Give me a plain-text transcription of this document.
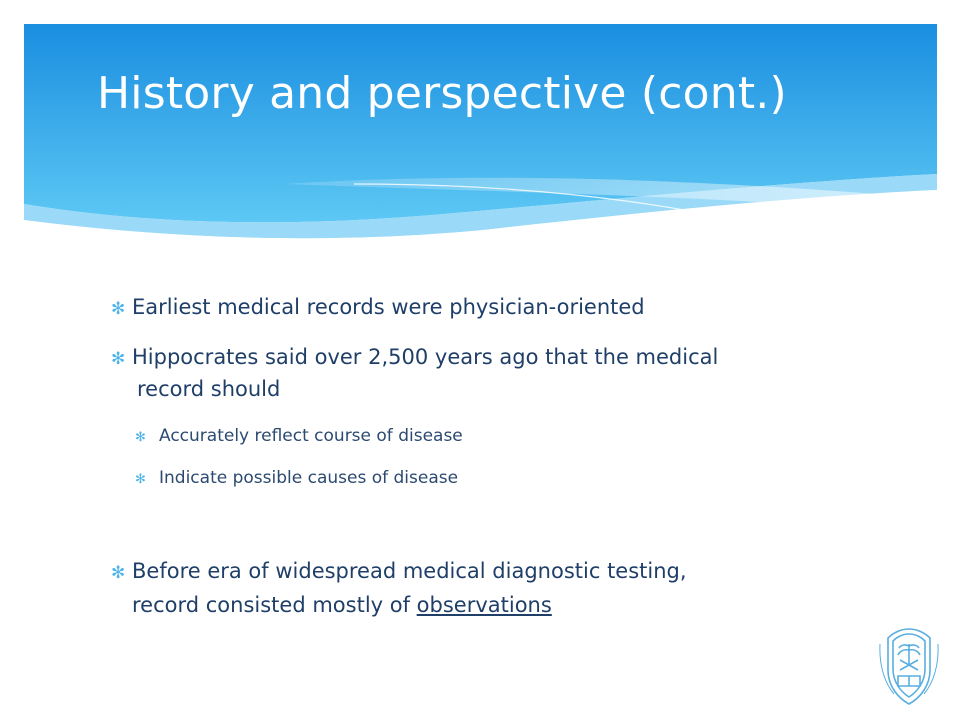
History and perspective (cont.)
✻ Earliest medical records were physician-oriented
✻ Hippocrates said over 2,500 years ago that the medical
record should
✻ Accurately reflect course of disease
✻ Indicate possible causes of disease
✻ Before era of widespread medical diagnostic testing,
record consisted mostly of observations
